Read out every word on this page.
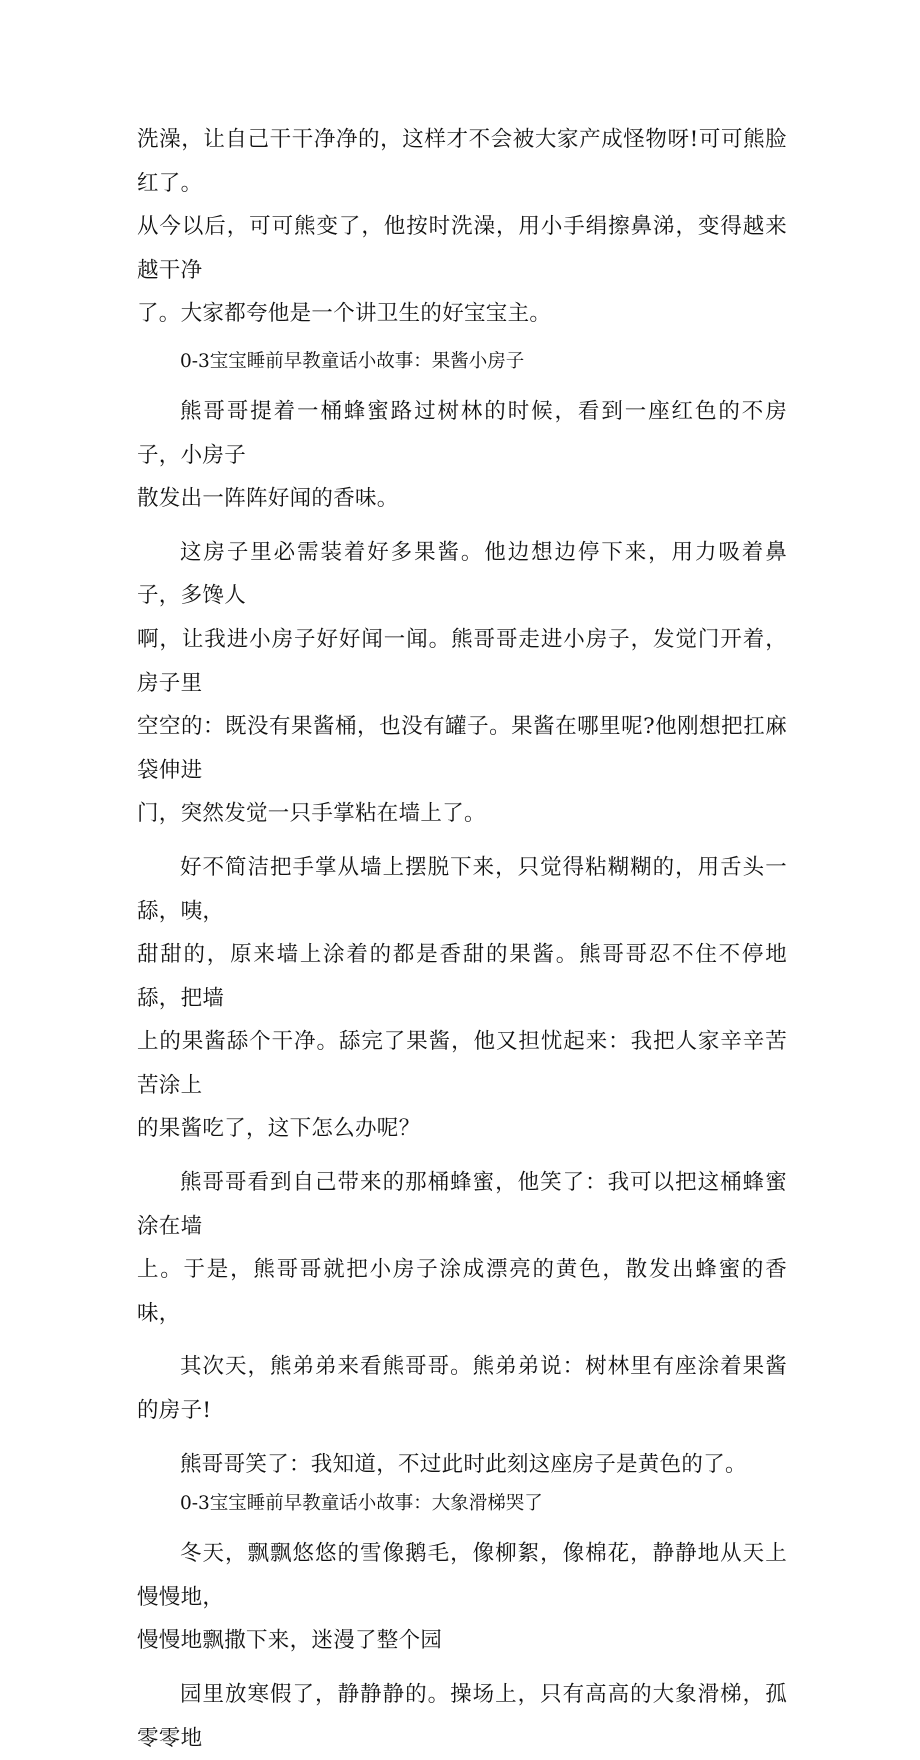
洗澡，让自己干干净净的，这样才不会被大家产成怪物呀!可可熊脸红了。
从今以后，可可熊变了，他按时洗澡，用小手绢擦鼻涕，变得越来越干净
了。大家都夸他是一个讲卫生的好宝宝主。

0-3宝宝睡前早教童话小故事：果酱小房子

熊哥哥提着一桶蜂蜜路过树林的时候，看到一座红色的不房子，小房子
散发出一阵阵好闻的香味。

这房子里必需装着好多果酱。他边想边停下来，用力吸着鼻子，多馋人
啊，让我进小房子好好闻一闻。熊哥哥走进小房子，发觉门开着，房子里
空空的：既没有果酱桶，也没有罐子。果酱在哪里呢?他刚想把扛麻袋伸进
门，突然发觉一只手掌粘在墙上了。

好不简洁把手掌从墙上摆脱下来，只觉得粘糊糊的，用舌头一舔，咦，
甜甜的，原来墙上涂着的都是香甜的果酱。熊哥哥忍不住不停地舔，把墙
上的果酱舔个干净。舔完了果酱，他又担忧起来：我把人家辛辛苦苦涂上
的果酱吃了，这下怎么办呢？

熊哥哥看到自己带来的那桶蜂蜜，他笑了：我可以把这桶蜂蜜涂在墙
上。于是，熊哥哥就把小房子涂成漂亮的黄色，散发出蜂蜜的香味，

其次天，熊弟弟来看熊哥哥。熊弟弟说：树林里有座涂着果酱的房子!

熊哥哥笑了：我知道，不过此时此刻这座房子是黄色的了。

0-3宝宝睡前早教童话小故事：大象滑梯哭了

冬天，飘飘悠悠的雪像鹅毛，像柳絮，像棉花，静静地从天上慢慢地，
慢慢地飘撒下来，迷漫了整个园

园里放寒假了，静静静的。操场上，只有高高的大象滑梯，孤零零地
